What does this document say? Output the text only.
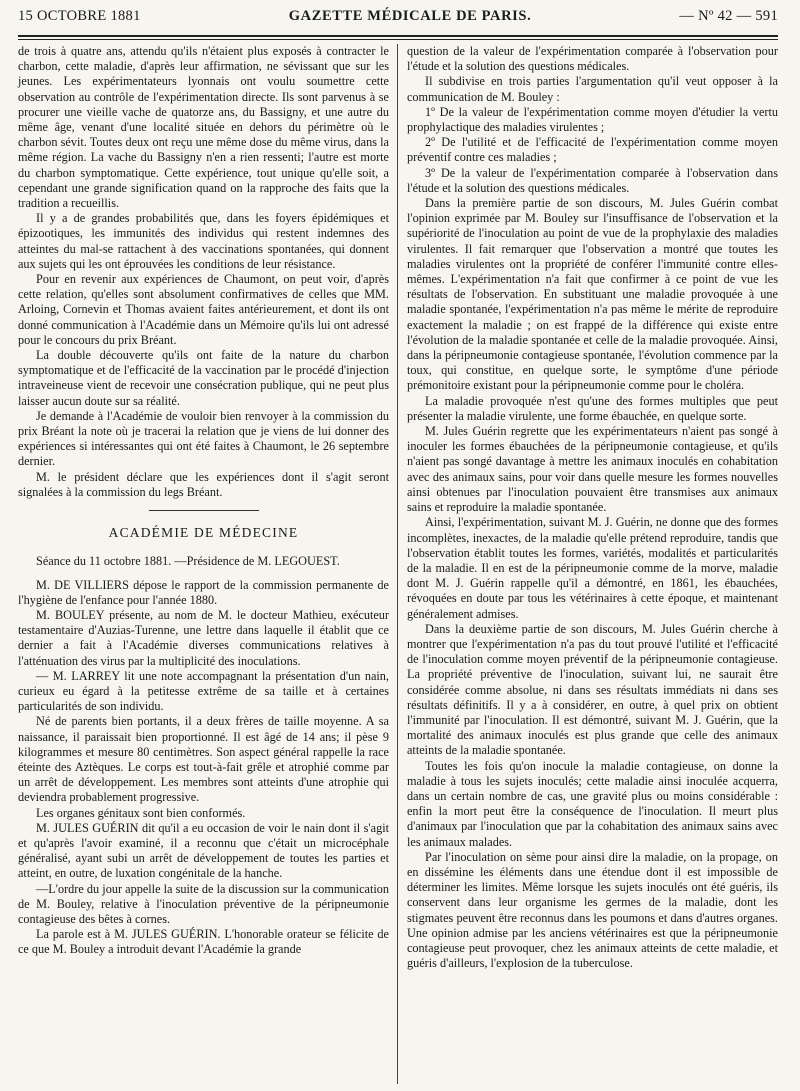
15 OCTOBRE 1881	GAZETTE MÉDICALE DE PARIS.	— Nº 42 — 591

de trois à quatre ans, attendu qu'ils n'étaient plus exposés à contracter le charbon, cette maladie, d'après leur affirmation, ne sévissant que sur les jeunes. Les expérimentateurs lyonnais ont voulu soumettre cette observation au contrôle de l'expérimentation directe. Ils sont parvenus à se procurer une vieille vache de quatorze ans, du Bassigny, et une autre du même âge, venant d'une localité située en dehors du périmètre où le charbon sévit. Toutes deux ont reçu une même dose du même virus, dans la même région. La vache du Bassigny n'en a rien ressenti; l'autre est morte du charbon symptomatique. Cette expérience, tout unique qu'elle soit, a cependant une grande signification quand on la rapproche des faits que la tradition a recueillis.

Il y a de grandes probabilités que, dans les foyers épidémiques et épizootiques, les immunités des individus qui restent indemnes des atteintes du mal-se rattachent à des vaccinations spontanées, qui donnent aux sujets qui les ont éprouvées les conditions de leur résistance.

Pour en revenir aux expériences de Chaumont, on peut voir, d'après cette relation, qu'elles sont absolument confirmatives de celles que MM. Arloing, Cornevin et Thomas avaient faites antérieurement, et dont ils ont donné communication à l'Académie dans un Mémoire qu'ils lui ont adressé pour le concours du prix Bréant.

La double découverte qu'ils ont faite de la nature du charbon symptomatique et de l'efficacité de la vaccination par le procédé d'injection intraveineuse vient de recevoir une consécration publique, qui ne peut plus laisser aucun doute sur sa réalité.

Je demande à l'Académie de vouloir bien renvoyer à la commission du prix Bréant la note où je tracerai la relation que je viens de lui donner des expériences si intéressantes qui ont été faites à Chaumont, le 26 septembre dernier.

M. le président déclare que les expériences dont il s'agit seront signalées à la commission du legs Bréant.

ACADÉMIE DE MÉDECINE

Séance du 11 octobre 1881. —Présidence de M. LEGOUEST.

M. DE VILLIERS dépose le rapport de la commission permanente de l'hygiène de l'enfance pour l'année 1880.

M. BOULEY présente, au nom de M. le docteur Mathieu, exécuteur testamentaire d'Auzias-Turenne, une lettre dans laquelle il établit que ce dernier a fait à l'Académie diverses communications relatives à l'atténuation des virus par la multiplicité des inoculations.

— M. LARREY lit une note accompagnant la présentation d'un nain, curieux eu égard à la petitesse extrême de sa taille et à certaines particularités de son individu.

Né de parents bien portants, il a deux frères de taille moyenne. A sa naissance, il paraissait bien proportionné. Il est âgé de 14 ans; il pèse 9 kilogrammes et mesure 80 centimètres. Son aspect général rappelle la race éteinte des Aztèques. Le corps est tout-à-fait grêle et atrophié comme par un arrêt de développement. Les membres sont atteints d'une atrophie qui deviendra probablement progressive.

Les organes génitaux sont bien conformés.

M. JULES GUÉRIN dit qu'il a eu occasion de voir le nain dont il s'agit et qu'après l'avoir examiné, il a reconnu que c'était un microcéphale généralisé, ayant subi un arrêt de développement de toutes les parties et atteint, en outre, de luxation congénitale de la hanche.

—L'ordre du jour appelle la suite de la discussion sur la communication de M. Bouley, relative à l'inoculation préventive de la péripneumonie contagieuse des bêtes à cornes.

La parole est à M. JULES GUÉRIN. L'honorable orateur se félicite de ce que M. Bouley a introduit devant l'Académie la grande

question de la valeur de l'expérimentation comparée à l'observation pour l'étude et la solution des questions médicales.

Il subdivise en trois parties l'argumentation qu'il veut opposer à la communication de M. Bouley :

1º De la valeur de l'expérimentation comme moyen d'étudier la vertu prophylactique des maladies virulentes ;

2º De l'utilité et de l'efficacité de l'expérimentation comme moyen préventif contre ces maladies ;

3º De la valeur de l'expérimentation comparée à l'observation dans l'étude et la solution des questions médicales.

Dans la première partie de son discours, M. Jules Guérin combat l'opinion exprimée par M. Bouley sur l'insuffisance de l'observation et la supériorité de l'inoculation au point de vue de la prophylaxie des maladies virulentes. Il fait remarquer que l'observation a montré que toutes les maladies virulentes ont la propriété de conférer l'immunité contre elles-mêmes. L'expérimentation n'a fait que confirmer à ce point de vue les résultats de l'observation. En substituant une maladie provoquée à une maladie spontanée, l'expérimentation n'a pas même le mérite de reproduire exactement la maladie ; on est frappé de la différence qui existe entre l'évolution de la maladie spontanée et celle de la maladie provoquée. Ainsi, dans la péripneumonie contagieuse spontanée, l'évolution commence par la toux, qui constitue, en quelque sorte, le symptôme d'une période prémonitoire existant pour la péripneumonie comme pour le choléra.

La maladie provoquée n'est qu'une des formes multiples que peut présenter la maladie virulente, une forme ébauchée, en quelque sorte.

M. Jules Guérin regrette que les expérimentateurs n'aient pas songé à inoculer les formes ébauchées de la péripneumonie contagieuse, et qu'ils n'aient pas songé davantage à mettre les animaux inoculés en cohabitation avec des animaux sains, pour voir dans quelle mesure les formes nouvelles ainsi obtenues par l'inoculation pouvaient être transmises aux animaux sains et reproduire la maladie spontanée.

Ainsi, l'expérimentation, suivant M. J. Guérin, ne donne que des formes incomplètes, inexactes, de la maladie qu'elle prétend reproduire, tandis que l'observation établit toutes les formes, variétés, modalités et particularités de la maladie. Il en est de la péripneumonie comme de la morve, maladie dont M. J. Guérin rappelle qu'il a démontré, en 1861, les ébauchées, révoquées en doute par tous les vétérinaires à cette époque, et maintenant généralement admises.

Dans la deuxième partie de son discours, M. Jules Guérin cherche à montrer que l'expérimentation n'a pas du tout prouvé l'utilité et l'efficacité de l'inoculation comme moyen préventif de la péripneumonie contagieuse. La propriété préventive de l'inoculation, suivant lui, ne saurait être considérée comme absolue, ni dans ses résultats immédiats ni dans ses résultats définitifs. Il y a à considérer, en outre, à quel prix on obtient l'immunité par l'inoculation. Il est démontré, suivant M. J. Guérin, que la mortalité des animaux inoculés est plus grande que celle des animaux atteints de la maladie spontanée.

Toutes les fois qu'on inocule la maladie contagieuse, on donne la maladie à tous les sujets inoculés; cette maladie ainsi inoculée acquerra, dans un certain nombre de cas, une gravité plus ou moins considérable : enfin la mort peut être la conséquence de l'inoculation. Il meurt plus d'animaux par l'inoculation que par la cohabitation des animaux sains avec les animaux malades.

Par l'inoculation on sème pour ainsi dire la maladie, on la propage, on en dissémine les éléments dans une étendue dont il est impossible de déterminer les limites. Même lorsque les sujets inoculés ont été guéris, ils conservent dans leur organisme les germes de la maladie, dont les stigmates peuvent être reconnus dans les poumons et dans d'autres organes. Une opinion admise par les anciens vétérinaires est que la péripneumonie contagieuse peut provoquer, chez les animaux atteints de cette maladie, et guéris d'ailleurs, l'explosion de la tuberculose.
